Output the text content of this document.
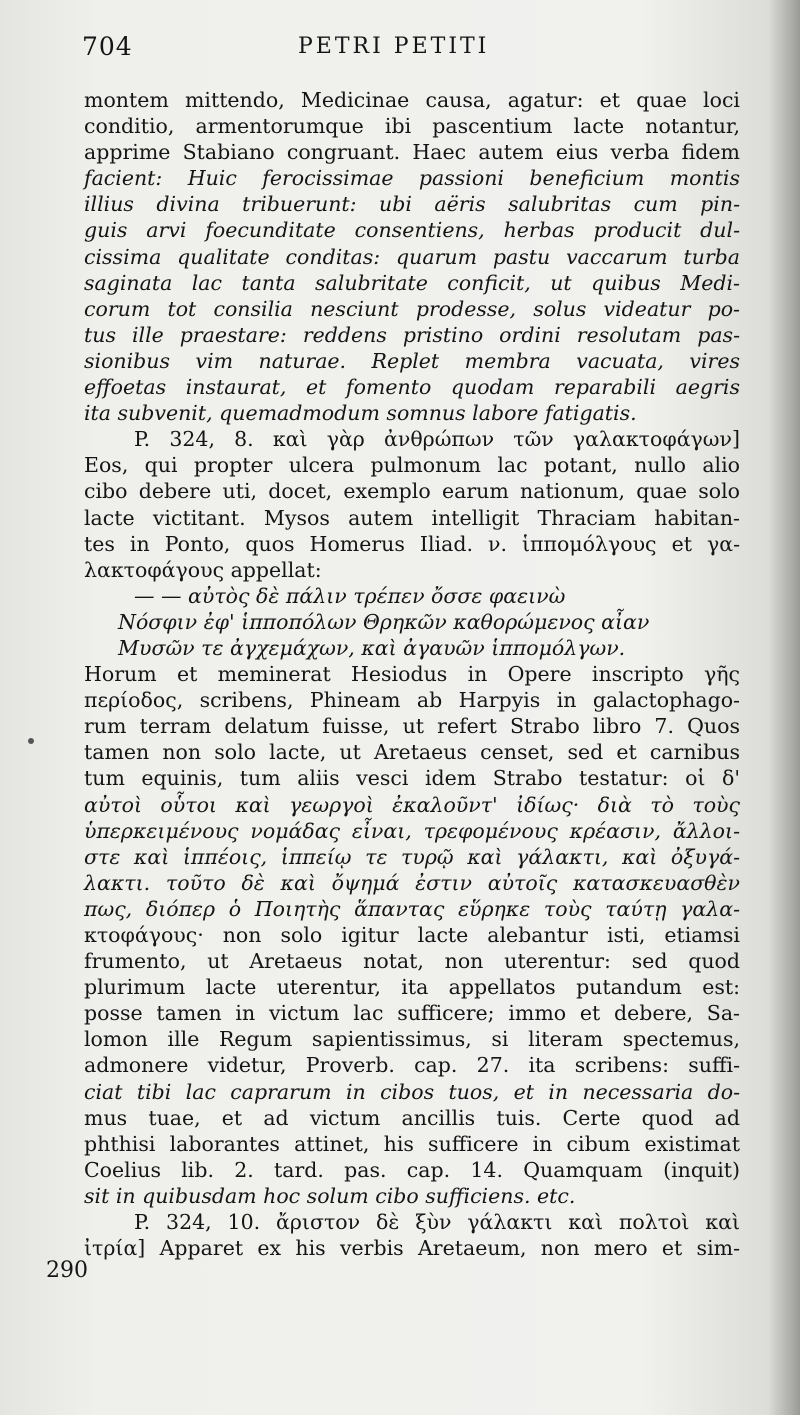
704	PETRI PETITI
290
montem mittendo, Medicinae causa, agatur: et quae loci
conditio, armentorumque ibi pascentium lacte notantur,
apprime Stabiano congruant. Haec autem eius verba fidem
facient: Huic ferocissimae passioni beneficium montis
illius divina tribuerunt: ubi aëris salubritas cum pin-
guis arvi foecunditate consentiens, herbas producit dul-
cissima qualitate conditas: quarum pastu vaccarum turba
saginata lac tanta salubritate conficit, ut quibus Medi-
corum tot consilia nesciunt prodesse, solus videatur po-
tus ille praestare: reddens pristino ordini resolutam pas-
sionibus vim naturae. Replet membra vacuata, vires
effoetas instaurat, et fomento quodam reparabili aegris
ita subvenit, quemadmodum somnus labore fatigatis.
P. 324, 8. καὶ γὰρ ἀνθρώπων τῶν γαλακτοφάγων]
Eos, qui propter ulcera pulmonum lac potant, nullo alio
cibo debere uti, docet, exemplo earum nationum, quae solo
lacte victitant. Mysos autem intelligit Thraciam habitan-
tes in Ponto, quos Homerus Iliad. ν. ἱππομόλγους et γα-
λακτοφάγους appellat:
— — αὐτὸς δὲ πάλιν τρέπεν ὄσσε φαεινὼ
Νόσφιν ἐφ' ἱπποπόλων Θρηκῶν καθορώμενος αἶαν
Μυσῶν τε ἀγχεμάχων, καὶ ἀγαυῶν ἱππομόλγων.
Horum et meminerat Hesiodus in Opere inscripto γῆς
περίοδος, scribens, Phineam ab Harpyis in galactophago-
rum terram delatum fuisse, ut refert Strabo libro 7. Quos
tamen non solo lacte, ut Aretaeus censet, sed et carnibus
tum equinis, tum aliis vesci idem Strabo testatur: οἱ δ'
αὐτοὶ οὗτοι καὶ γεωργοὶ ἐκαλοῦντ' ἰδίως· διὰ τὸ τοὺς
ὑπερκειμένους νομάδας εἶναι, τρεφομένους κρέασιν, ἄλλοι-
στε καὶ ἱππέοις, ἱππείῳ τε τυρῷ καὶ γάλακτι, καὶ ὀξυγά-
λακτι. τοῦτο δὲ καὶ ὄψημά ἐστιν αὐτοῖς κατασκευασθὲν
πως, διόπερ ὁ Ποιητὴς ἅπαντας εὕρηκε τοὺς ταύτῃ γαλα-
κτοφάγους· non solo igitur lacte alebantur isti, etiamsi
frumento, ut Aretaeus notat, non uterentur: sed quod
plurimum lacte uterentur, ita appellatos putandum est:
posse tamen in victum lac sufficere; immo et debere, Sa-
lomon ille Regum sapientissimus, si literam spectemus,
admonere videtur, Proverb. cap. 27. ita scribens: suffi-
ciat tibi lac caprarum in cibos tuos, et in necessaria do-
mus tuae, et ad victum ancillis tuis. Certe quod ad
phthisi laborantes attinet, his sufficere in cibum existimat
Coelius lib. 2. tard. pas. cap. 14. Quamquam (inquit)
sit in quibusdam hoc solum cibo sufficiens. etc.
P. 324, 10. ἄριστον δὲ ξὺν γάλακτι καὶ πολτοὶ καὶ
ἰτρία] Apparet ex his verbis Aretaeum, non mero et sim-
